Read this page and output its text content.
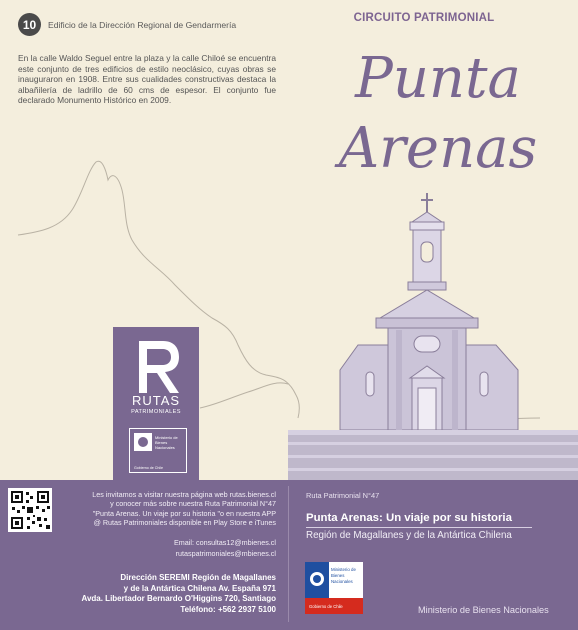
10	Edificio de la Dirección Regional de Gendarmería
En la calle Waldo Seguel entre la plaza y la calle Chiloé se encuentra este conjunto de tres edificios de estilo neoclásico, cuyas obras se inauguraron en 1908. Entre sus cualidades constructivas destaca la albañilería de ladrillo de 60 cms de espesor. El conjunto fue declarado Monumento Histórico en 2009.
CIRCUITO PATRIMONIAL
Punta
Arenas
RUTAS
PATRIMONIALES
Ministerio de
Bienes
Nacionales
Gobierno de Chile
Les invitamos a visitar nuestra página web rutas.bienes.cl
y conocer más sobre nuestra Ruta Patrimonial N°47
"Punta Arenas. Un viaje por su historia "o en nuestra APP
@ Rutas Patrimoniales disponible en Play Store e iTunes
Email: consultas12@mbienes.cl
rutaspatrimoniales@mbienes.cl
Dirección SEREMI Región de Magallanes
y de la Antártica Chilena Av. España 971
Avda. Libertador Bernardo O'Higgins 720, Santiago
Teléfono: +562 2937 5100
Ruta Patrimonial N°47
Punta Arenas: Un viaje por su historia
Región de Magallanes y de la Antártica Chilena
Ministerio de
Bienes
Nacionales
Gobierno de Chile	Ministerio de Bienes Nacionales
